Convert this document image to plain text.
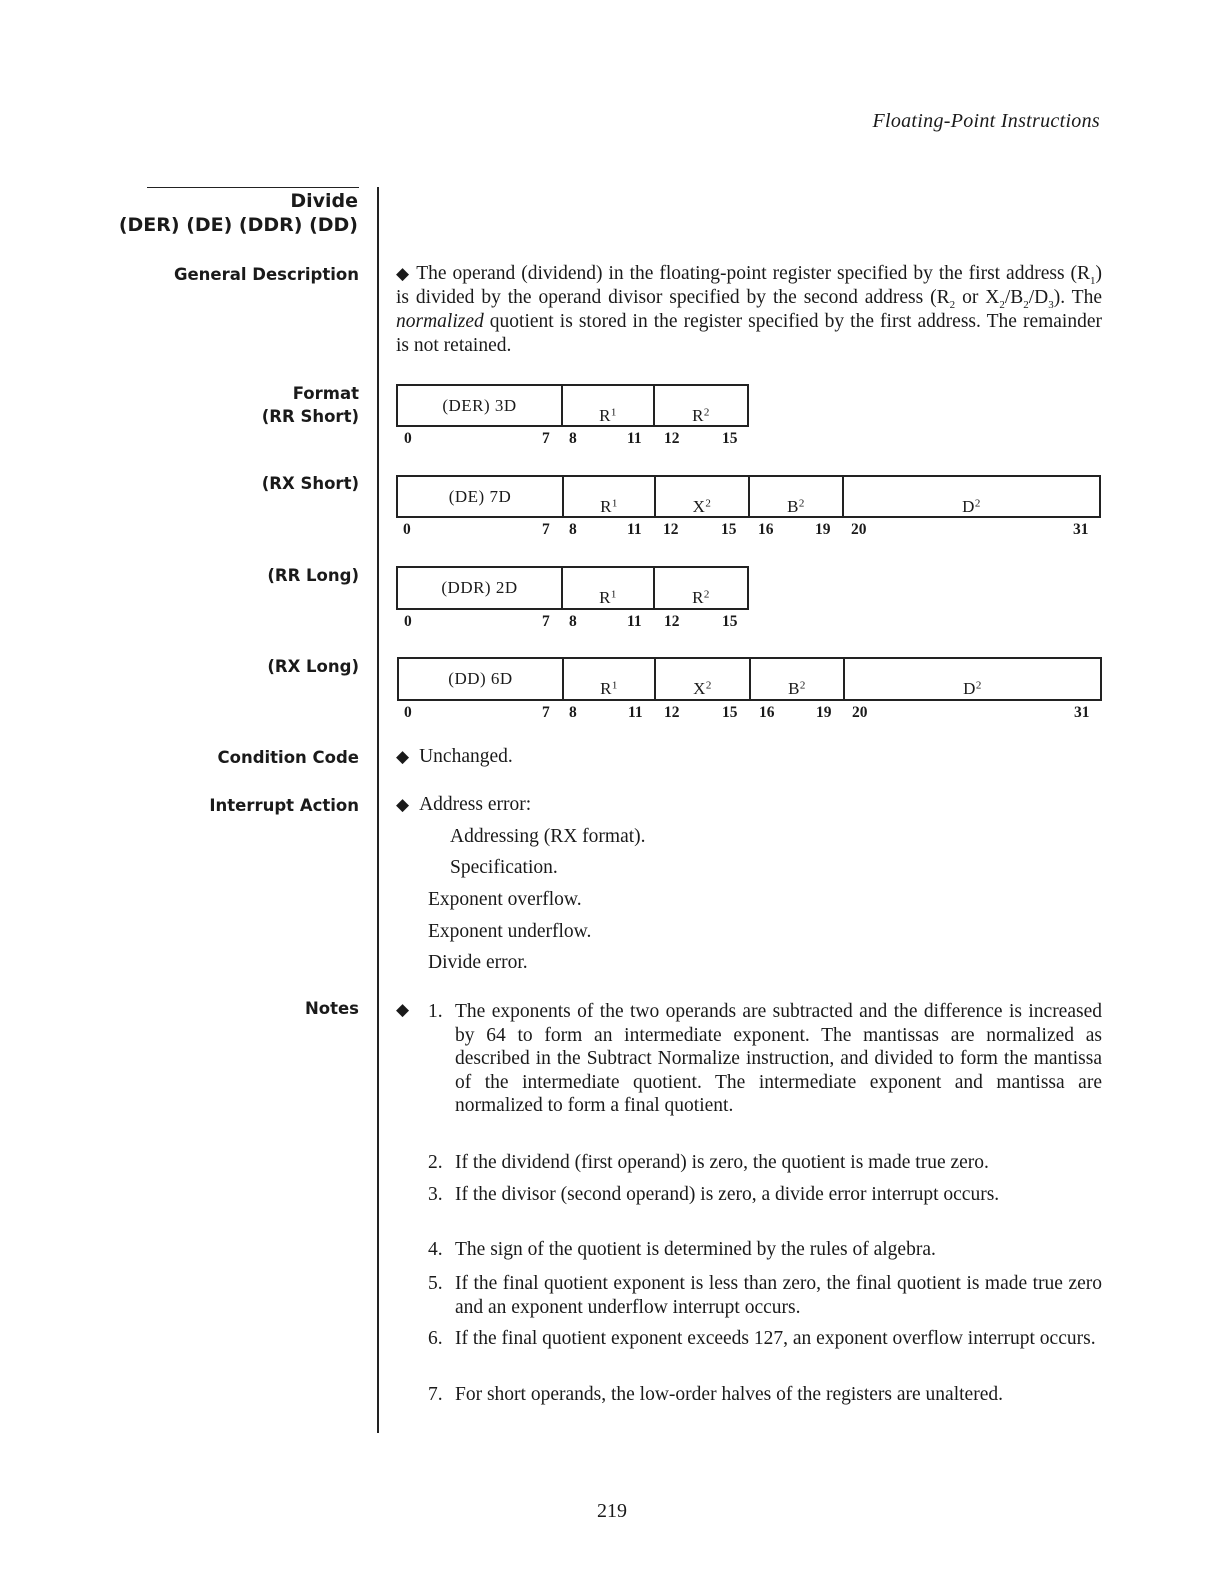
Floating-Point Instructions
Divide
(DER) (DE) (DDR) (DD)
General Description
Format
(RR Short)
(RX Short)
(RR Long)
(RX Long)
Condition Code
Interrupt Action
Notes
◆ The operand (dividend) in the floating-point register specified by the first address $(R_1)$ is divided by the operand divisor specified by the second address ($R_2$ or $X_2/B_2/D_3$). The normalized quotient is stored in the register specified by the first address. The remainder is not retained.
(DER) 3D
$R_1$	$R_2$
0	7 8	11 12	15
(DE) 7D
$R_1$	$X_2$	$B_2$	$D_2$
0	7 8	11 12	15 16	19 20	31
(DDR) 2D
$R_1$	$R_2$
0	7 8	11 12	15
(DD) 6D
$R_1$	$X_2$	$B_2$	$D_2$
0	7 8	11 12	15 16	19 20	31
◆ Unchanged.
◆ Address error:
Addressing (RX format).
Specification.
Exponent overflow.
Exponent underflow.
Divide error.
◆ 1. The exponents of the two operands are subtracted and the difference is increased by 64 to form an intermediate exponent. The mantissas are normalized as described in the Subtract Normalize instruction, and divided to form the mantissa of the intermediate quotient. The intermediate exponent and mantissa are normalized to form a final quotient.
2. If the dividend (first operand) is zero, the quotient is made true zero.
3. If the divisor (second operand) is zero, a divide error interrupt occurs.
4. The sign of the quotient is determined by the rules of algebra.
5. If the final quotient exponent is less than zero, the final quotient is made true zero and an exponent underflow interrupt occurs.
6. If the final quotient exponent exceeds 127, an exponent overflow interrupt occurs.
7. For short operands, the low-order halves of the registers are unaltered.
219
